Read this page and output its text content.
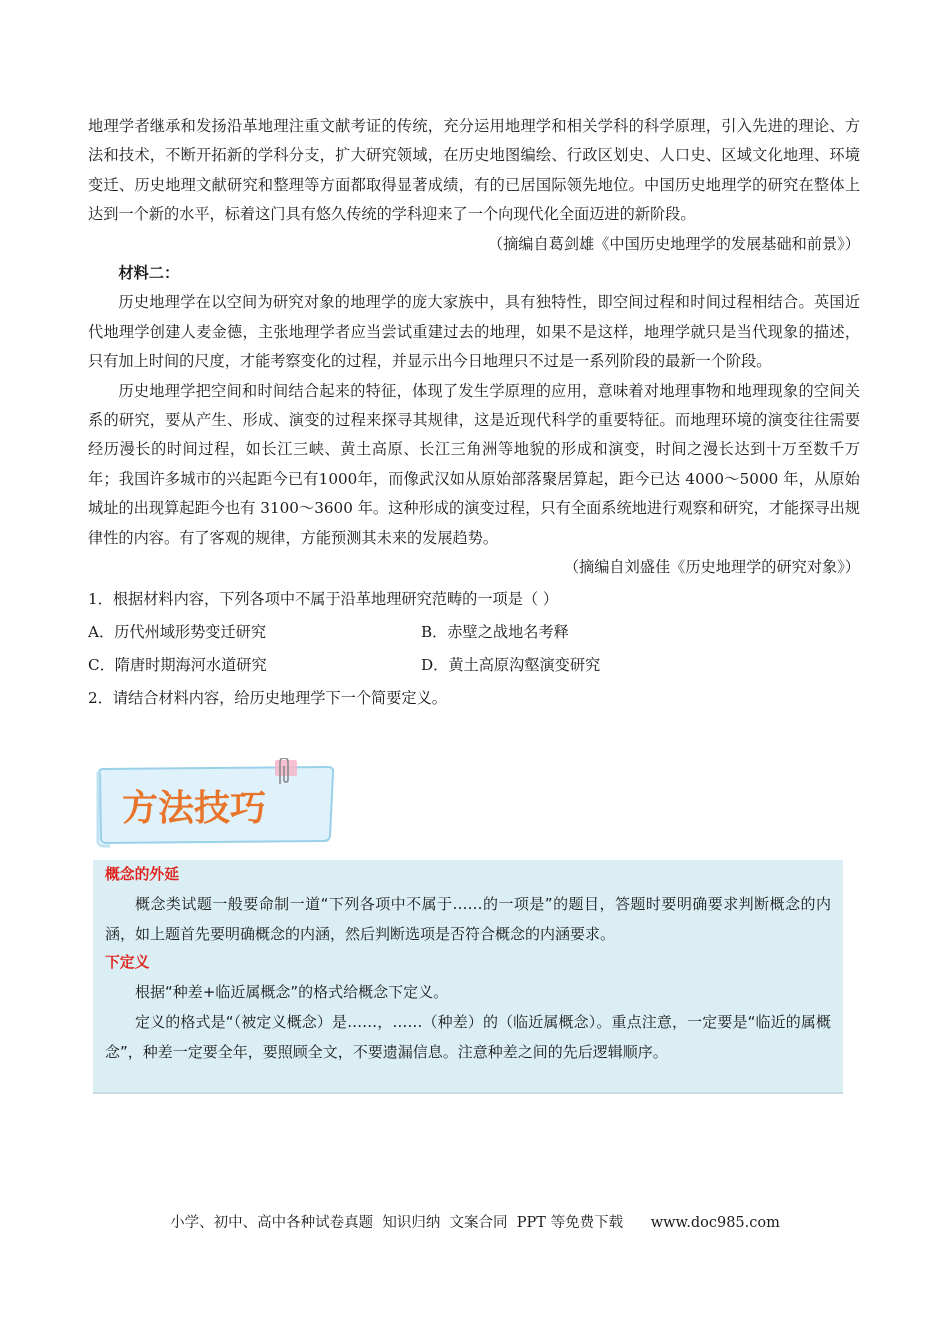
地理学者继承和发扬沿革地理注重文献考证的传统，充分运用地理学和相关学科的科学原理，引入先进的理论、方法和技术，不断开拓新的学科分支，扩大研究领域，在历史地图编绘、行政区划史、人口史、区域文化地理、环境变迁、历史地理文献研究和整理等方面都取得显著成绩，有的已居国际领先地位。中国历史地理学的研究在整体上达到一个新的水平，标着这门具有悠久传统的学科迎来了一个向现代化全面迈进的新阶段。

（摘编自葛剑雄《中国历史地理学的发展基础和前景》）

材料二：

历史地理学在以空间为研究对象的地理学的庞大家族中，具有独特性，即空间过程和时间过程相结合。英国近代地理学创建人麦金德，主张地理学者应当尝试重建过去的地理，如果不是这样，地理学就只是当代现象的描述，只有加上时间的尺度，才能考察变化的过程，并显示出今日地理只不过是一系列阶段的最新一个阶段。

历史地理学把空间和时间结合起来的特征，体现了发生学原理的应用，意味着对地理事物和地理现象的空间关系的研究，要从产生、形成、演变的过程来探寻其规律，这是近现代科学的重要特征。而地理环境的演变往往需要经历漫长的时间过程，如长江三峡、黄土高原、长江三角洲等地貌的形成和演变，时间之漫长达到十万至数千万年；我国许多城市的兴起距今已有1000年，而像武汉如从原始部落聚居算起，距今已达 4000～5000 年，从原始城址的出现算起距今也有 3100～3600 年。这种形成的演变过程，只有全面系统地进行观察和研究，才能探寻出规律性的内容。有了客观的规律，方能预测其未来的发展趋势。

（摘编自刘盛佳《历史地理学的研究对象》）

1．根据材料内容，下列各项中不属于沿革地理研究范畴的一项是（ ）

A．历代州域形势变迁研究	B．赤壁之战地名考释
C．隋唐时期海河水道研究	D．黄土高原沟壑演变研究

2．请结合材料内容，给历史地理学下一个简要定义。

方法技巧

概念的外延

概念类试题一般要命制一道“下列各项中不属于……的一项是”的题目，答题时要明确要求判断概念的内涵，如上题首先要明确概念的内涵，然后判断选项是否符合概念的内涵要求。

下定义

根据“种差+临近属概念”的格式给概念下定义。

定义的格式是“（被定义概念）是……，……（种差）的（临近属概念）。重点注意，一定要是“临近的属概念”，种差一定要全年，要照顾全文，不要遗漏信息。注意种差之间的先后逻辑顺序。

小学、初中、高中各种试卷真题  知识归纳  文案合同  PPT 等免费下载      www.doc985.com
